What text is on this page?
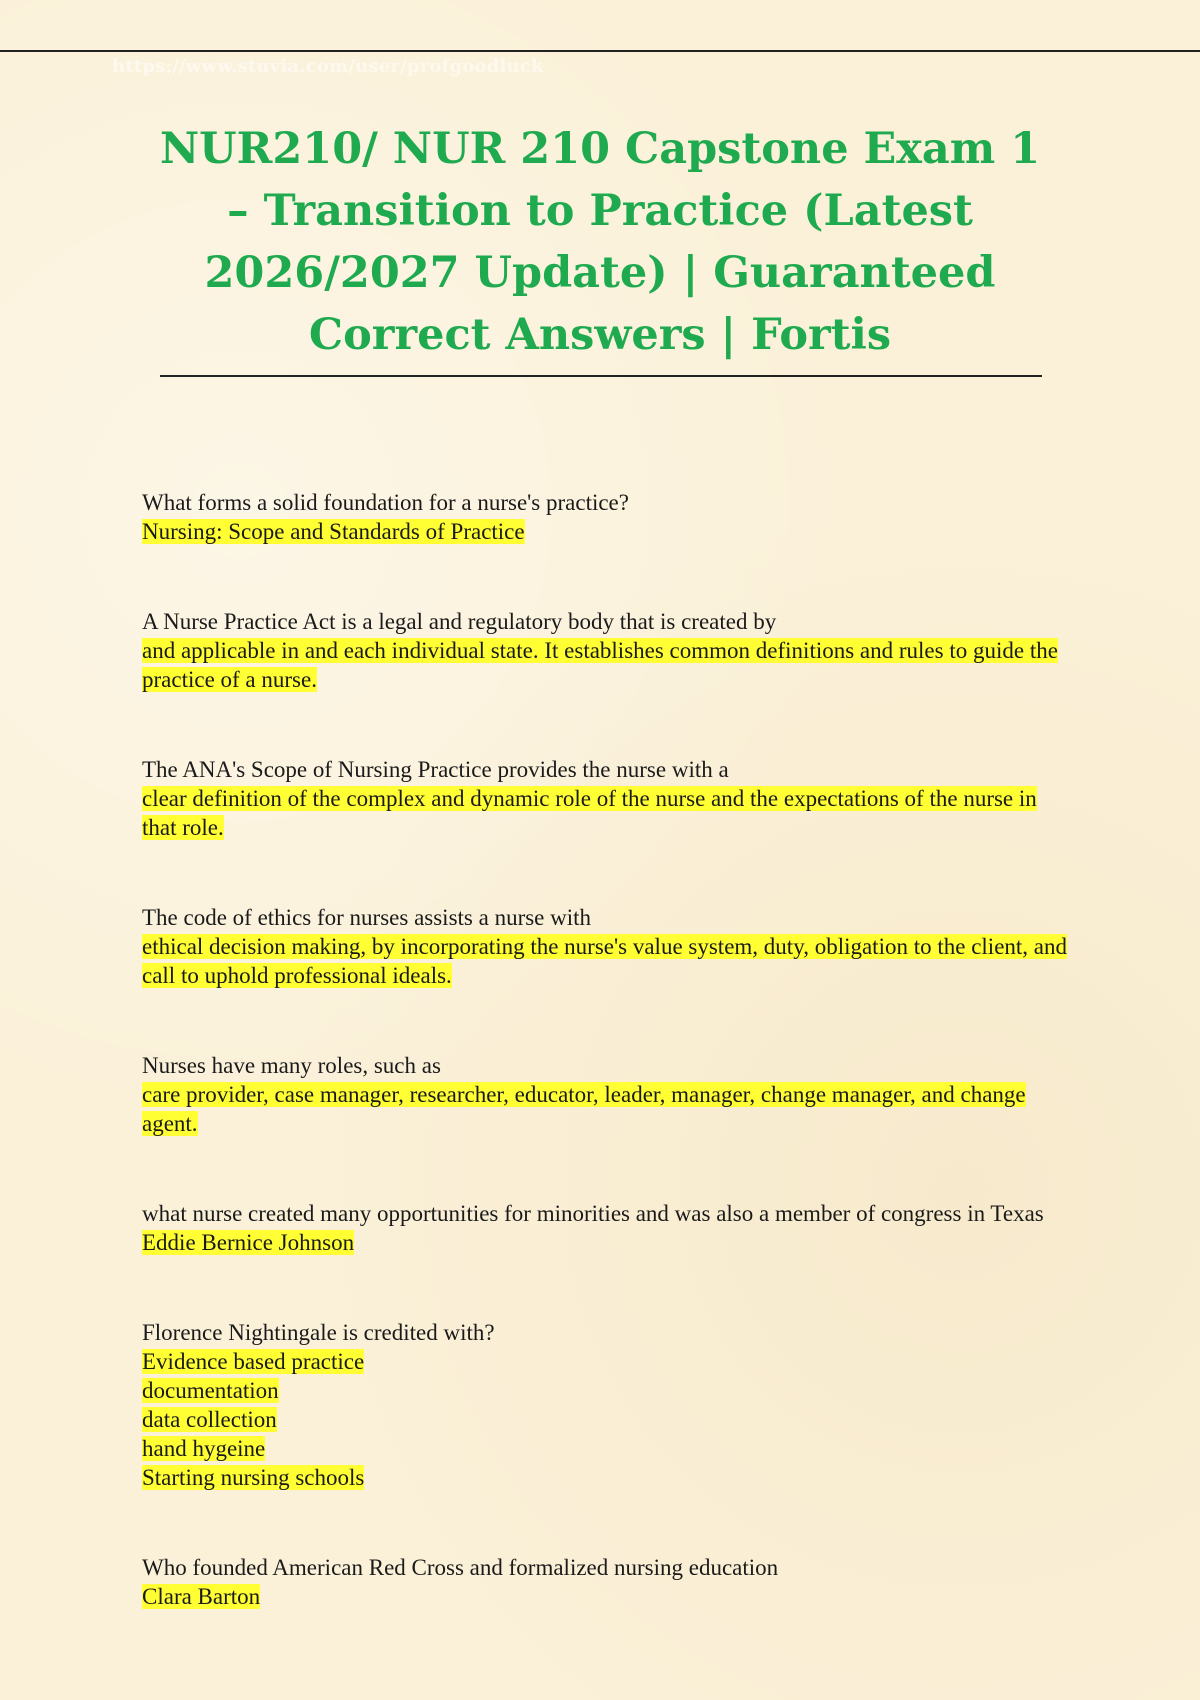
https://www.stuvia.com/user/profgoodluck
NUR210/ NUR 210 Capstone Exam 1 – Transition to Practice (Latest 2026/2027 Update) | Guaranteed Correct Answers | Fortis
What forms a solid foundation for a nurse's practice?
Nursing: Scope and Standards of Practice
A Nurse Practice Act is a legal and regulatory body that is created by
and applicable in and each individual state. It establishes common definitions and rules to guide the practice of a nurse.
The ANA's Scope of Nursing Practice provides the nurse with a
clear definition of the complex and dynamic role of the nurse and the expectations of the nurse in that role.
The code of ethics for nurses assists a nurse with
ethical decision making, by incorporating the nurse's value system, duty, obligation to the client, and call to uphold professional ideals.
Nurses have many roles, such as
care provider, case manager, researcher, educator, leader, manager, change manager, and change agent.
what nurse created many opportunities for minorities and was also a member of congress in Texas
Eddie Bernice Johnson
Florence Nightingale is credited with?
Evidence based practice
documentation
data collection
hand hygeine
Starting nursing schools
Who founded American Red Cross and formalized nursing education
Clara Barton
